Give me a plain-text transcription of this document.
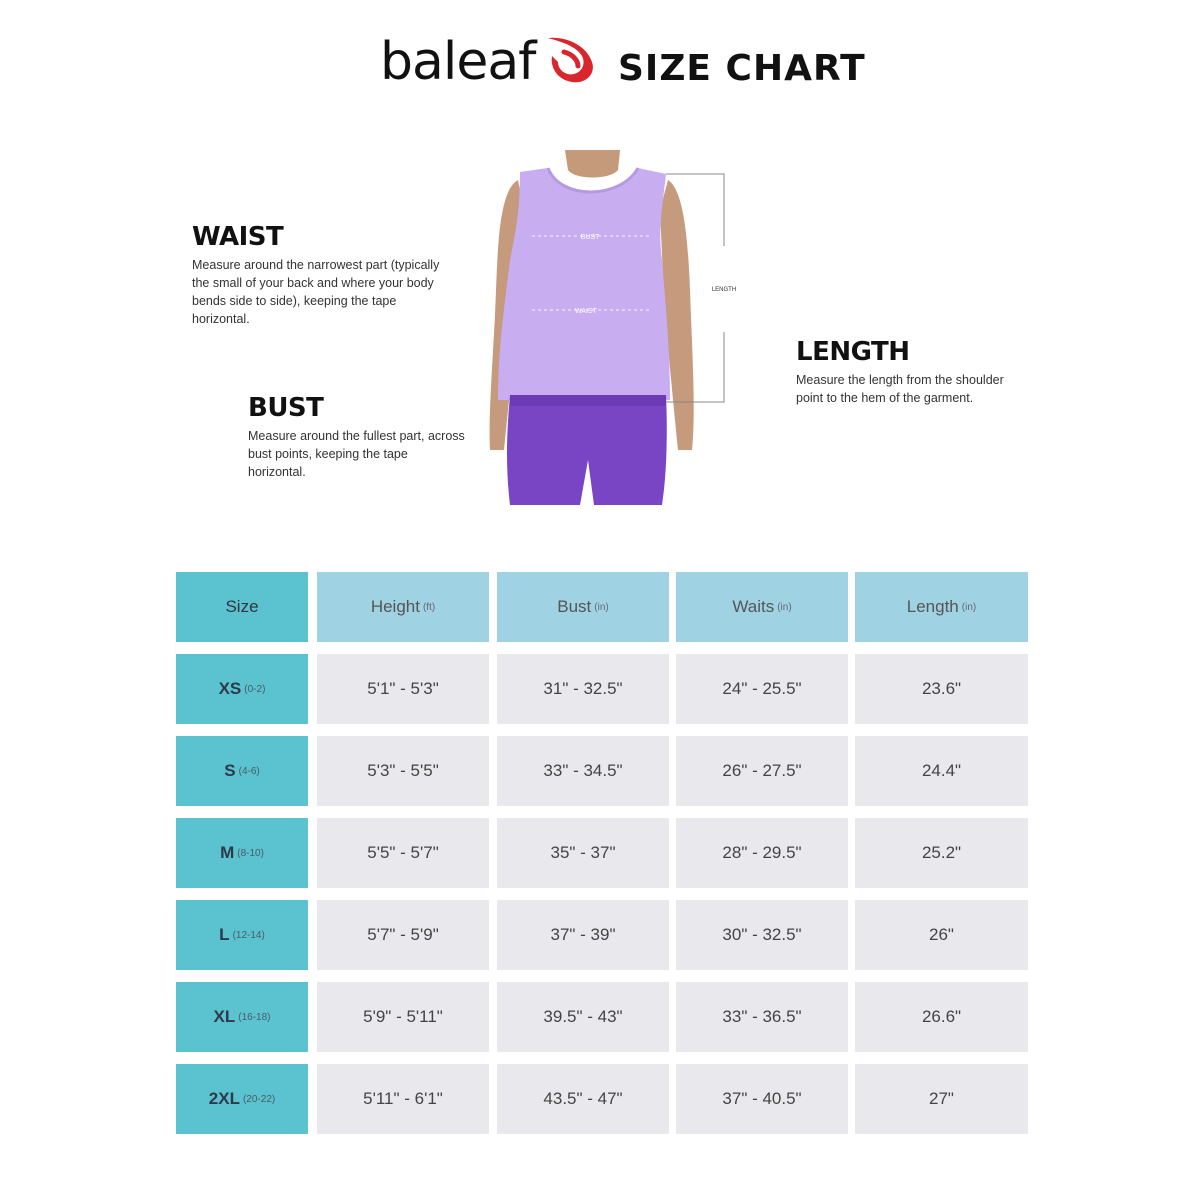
baleaf SIZE CHART
WAIST

Measure around the narrowest part (typically the small of your back and where your body bends side to side), keeping the tape horizontal.

BUST

Measure around the fullest part, across bust points, keeping the tape horizontal.

LENGTH

Measure the length from the shoulder point to the hem of the garment.

BUST
WAIST
LENGTH
Size	Height (ft)	Bust (in)	Waits (in)	Length (in)
XS (0-2)	5'1" - 5'3"	31" - 32.5"	24" - 25.5"	23.6"
S (4-6)	5'3" - 5'5"	33" - 34.5"	26" - 27.5"	24.4"
M (8-10)	5'5" - 5'7"	35" - 37"	28" - 29.5"	25.2"
L (12-14)	5'7" - 5'9"	37" - 39"	30" - 32.5"	26"
XL (16-18)	5'9" - 5'11"	39.5" - 43"	33" - 36.5"	26.6"
2XL (20-22)	5'11" - 6'1"	43.5" - 47"	37" - 40.5"	27"
